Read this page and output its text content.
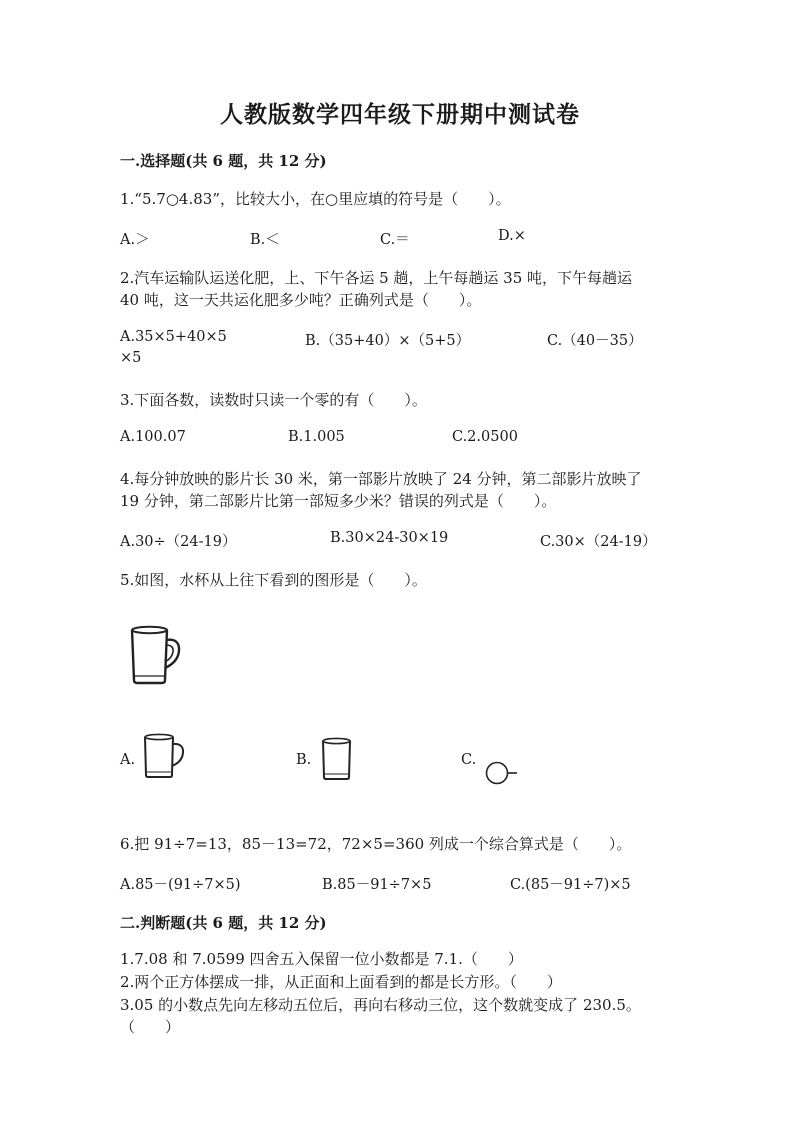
人教版数学四年级下册期中测试卷
一.选择题(共 6 题，共 12 分)
1.“5.7○4.83”，比较大小，在○里应填的符号是（　　）。
A.＞	B.＜	C.＝	D.×
2.汽车运输队运送化肥，上、下午各运 5 趟，上午每趟运 35 吨，下午每趟运
40 吨，这一天共运化肥多少吨？正确列式是（　　）。
A.35×5+40×5	B.（35+40）×（5+5）	C.（40－35）
×5
3.下面各数，读数时只读一个零的有（　　）。
A.100.07	B.1.005	C.2.0500
4.每分钟放映的影片长 30 米，第一部影片放映了 24 分钟，第二部影片放映了
19 分钟，第二部影片比第一部短多少米？错误的列式是（　　）。
A.30÷（24-19）	B.30×24-30×19	C.30×（24-19）
5.如图，水杯从上往下看到的图形是（　　）。
A.	B.	C.
6.把 91÷7=13，85－13=72，72×5=360 列成一个综合算式是（　　）。
A.85－(91÷7×5)	B.85－91÷7×5	C.(85－91÷7)×5
二.判断题(共 6 题，共 12 分)
1.7.08 和 7.0599 四舍五入保留一位小数都是 7.1.（　　）
2.两个正方体摆成一排，从正面和上面看到的都是长方形。（　　）
3.05 的小数点先向左移动五位后，再向右移动三位，这个数就变成了 230.5。
（　　）
